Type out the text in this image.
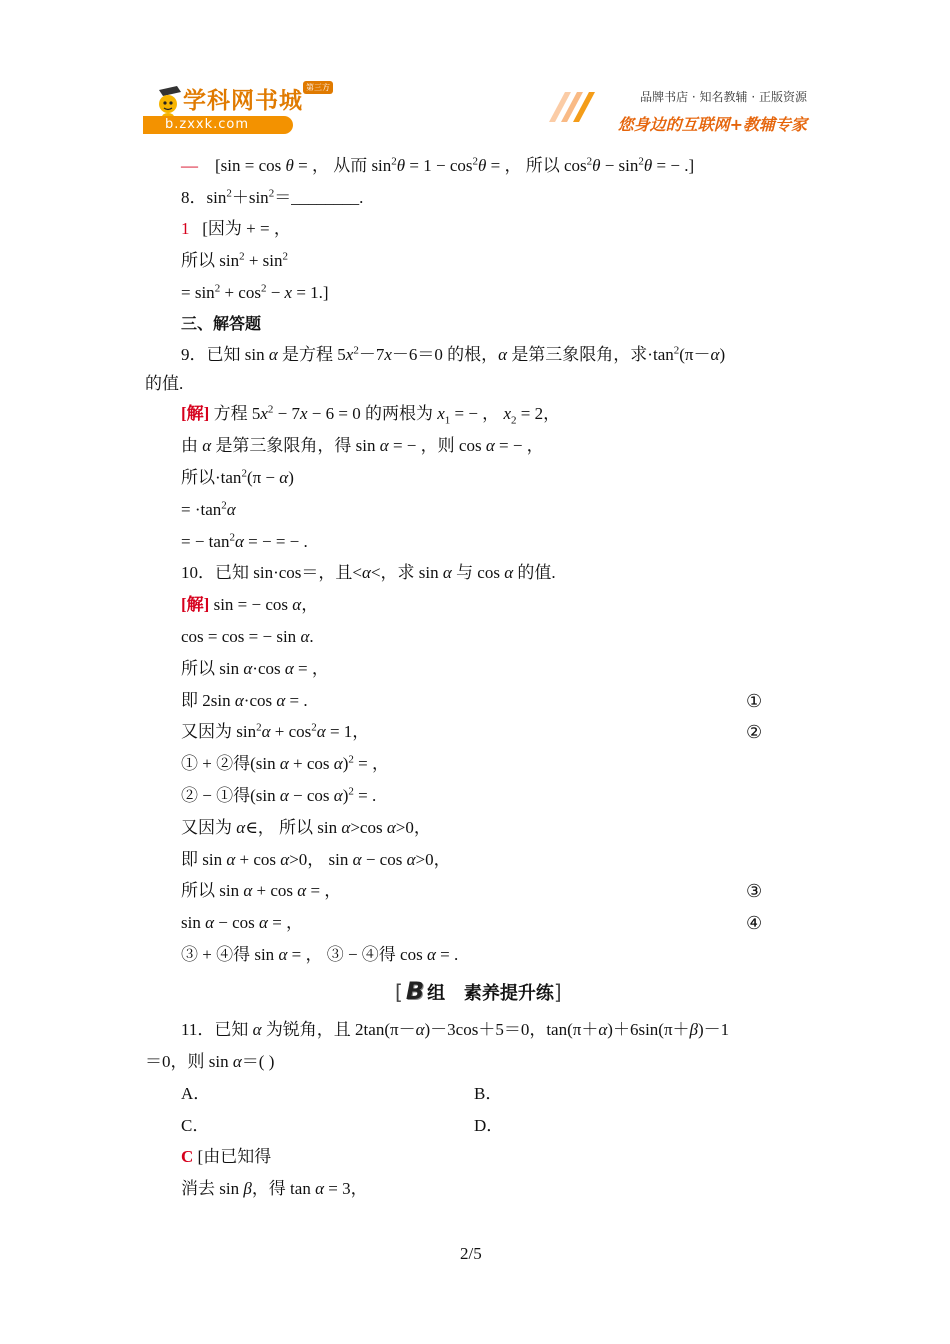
学科网书城
第三方
b.zxxk.com
品牌书店 · 知名教辅 · 正版资源
您身边的互联网+教辅专家
— [sin = cos θ = ， 从而 $\sin^2\theta = 1 - \cos^2\theta$ = ， 所以 $\cos^2\theta - \sin^2\theta$ = − .]
8．$\sin^2+\sin^2=\_\_\_\_\_\_\_\_$.
1 [因为 + = ，
所以 $\sin^2 + \sin^2$
= $\sin^2 + \cos^2 - x = 1$.]
三、解答题
9．已知 sin α 是方程 $5x^2-7x-6=0$ 的根，α 是第三象限角，求$\cdot\tan^2(\pi-\alpha)$
的值.
[解] 方程 $5x^2 - 7x - 6 = 0$ 的两根为 $x_1$ = − ， $x_2 = 2$，
由 α 是第三象限角，得 sin α = − ，则 cos α = − ，
所以$\cdot\tan^2(\pi - \alpha)$
= $\cdot\tan^2\alpha$
= − $\tan^2\alpha$ = − = − .
10．已知 sin·cos＝，且<α<，求 sin α 与 cos α 的值.
[解] sin = − cos α，
cos = cos = − sin α.
所以 sin α·cos α = ，
即 2sin α·cos α = .	①
又因为 $\sin^2\alpha + \cos^2\alpha = 1$，	②
① + ②得(sin α + cos α)$^2$ = ，
② − ①得(sin α − cos α)$^2$ = .
又因为 α∈， 所以 sin α>cos α>0，
即 sin α + cos α>0， sin α − cos α>0，
所以 sin α + cos α = ，	③
sin α − cos α = ，	④
③ + ④得 sin α = ， ③ − ④得 cos α = .
[ B 组 素养提升练]
11．已知 α 为锐角，且 2tan(π－α)－3cos＋5＝0，tan(π＋α)＋6sin(π＋β)－1
＝0，则 sin α＝( )
A．	B．
C．	D．
C [由已知得
消去 sin β，得 tan α = 3，
2/5
